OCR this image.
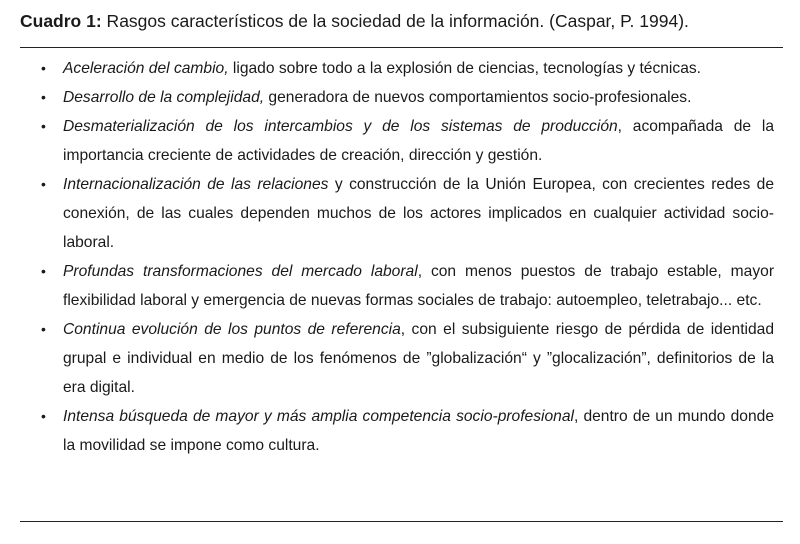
Cuadro 1: Rasgos característicos de la sociedad de la información. (Caspar, P. 1994).
• Aceleración del cambio, ligado sobre todo a la explosión de ciencias, tecnologías y técnicas.
• Desarrollo de la complejidad, generadora de nuevos comportamientos socio-profesionales.
• Desmaterialización de los intercambios y de los sistemas de producción, acompañada de la importancia creciente de actividades de creación, dirección y gestión.
• Internacionalización de las relaciones y construcción de la Unión Europea, con crecientes redes de conexión, de las cuales dependen muchos de los actores implicados en cualquier actividad socio-laboral.
• Profundas transformaciones del mercado laboral, con menos puestos de trabajo estable, mayor flexibilidad laboral y emergencia de nuevas formas sociales de trabajo: autoempleo, teletrabajo... etc.
• Continua evolución de los puntos de referencia, con el subsiguiente riesgo de pérdida de identidad grupal e individual en medio de los fenómenos de ”globalización“ y ”glocalización”, definitorios de la era digital.
• Intensa búsqueda de mayor y más amplia competencia socio-profesional, dentro de un mundo donde la movilidad se impone como cultura.
